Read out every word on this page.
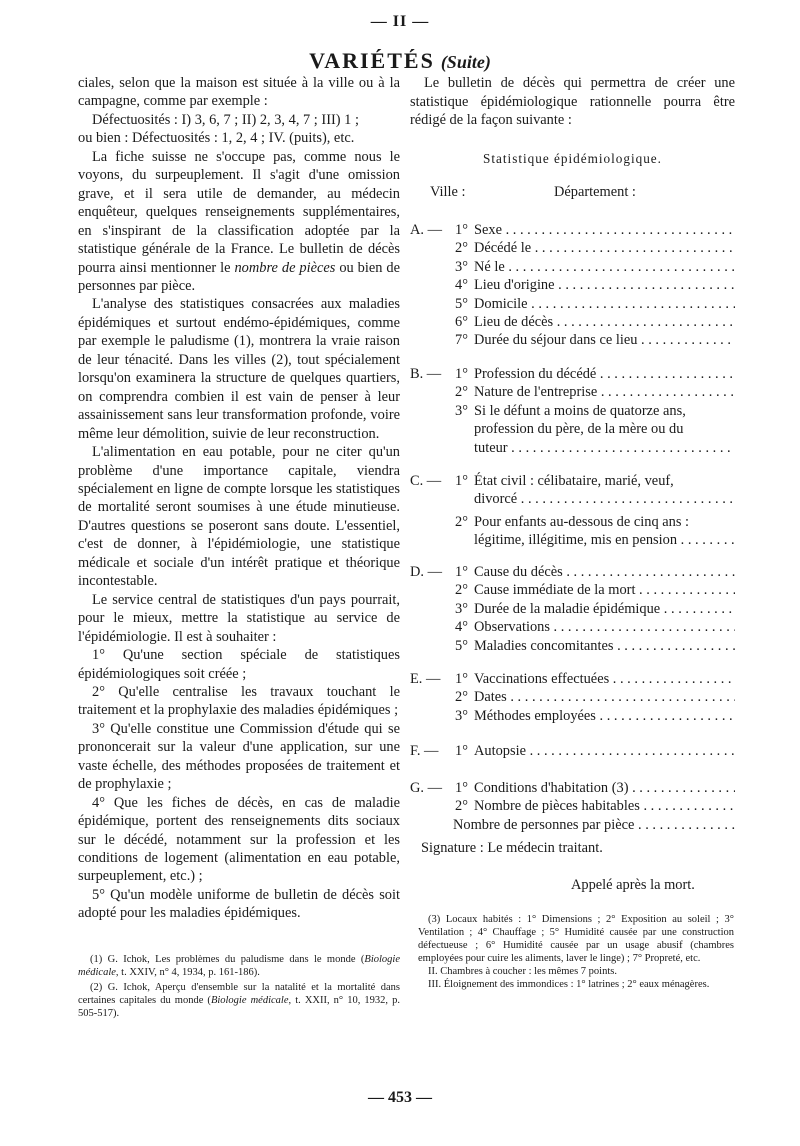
— II —
VARIÉTÉS (Suite)

ciales, selon que la maison est située à la ville ou à la campagne, comme par exemple :

Défectuosités : I) 3, 6, 7 ; II) 2, 3, 4, 7 ; III) 1 ;

ou bien : Défectuosités : 1, 2, 4 ; IV. (puits), etc.

La fiche suisse ne s'occupe pas, comme nous le voyons, du surpeuplement. Il s'agit d'une omission grave, et il sera utile de demander, au médecin enquêteur, quelques renseignements supplémentaires, en s'inspirant de la classification adoptée par la statistique générale de la France. Le bulletin de décès pourra ainsi mentionner le nombre de pièces ou bien de personnes par pièce.

L'analyse des statistiques consacrées aux maladies épidémiques et surtout endémo-épidémiques, comme par exemple le paludisme (1), montrera la vraie raison de leur ténacité. Dans les villes (2), tout spécialement lorsqu'on examinera la structure de quelques quartiers, on comprendra combien il est vain de penser à leur assainissement sans leur transformation profonde, voire même leur démolition, suivie de leur reconstruction.

L'alimentation en eau potable, pour ne citer qu'un problème d'une importance capitale, viendra spécialement en ligne de compte lorsque les statistiques de mortalité seront soumises à une étude minutieuse. D'autres questions se poseront sans doute. L'essentiel, c'est de donner, à l'épidémiologie, une statistique médicale et sociale d'un intérêt pratique et théorique incontestable.

Le service central de statistiques d'un pays pourrait, pour le mieux, mettre la statistique au service de l'épidémiologie. Il est à souhaiter :

1° Qu'une section spéciale de statistiques épidémiologiques soit créée ;

2° Qu'elle centralise les travaux touchant le traitement et la prophylaxie des maladies épidémiques ;

3° Qu'elle constitue une Commission d'étude qui se prononcerait sur la valeur d'une application, sur une vaste échelle, des méthodes proposées de traitement et de prophylaxie ;

4° Que les fiches de décès, en cas de maladie épidémique, portent des renseignements dits sociaux sur le décédé, notamment sur la profession et les conditions de logement (alimentation en eau potable, surpeuplement, etc.) ;

5° Qu'un modèle uniforme de bulletin de décès soit adopté pour les maladies épidémiques.

(1) G. Ichok, Les problèmes du paludisme dans le monde (Biologie médicale, t. XXIV, n° 4, 1934, p. 161-186).

(2) G. Ichok, Aperçu d'ensemble sur la natalité et la mortalité dans certaines capitales du monde (Biologie médicale, t. XXII, n° 10, 1932, p. 505-517).

Le bulletin de décès qui permettra de créer une statistique épidémiologique rationnelle pourra être rédigé de la façon suivante :

Statistique épidémiologique.
Ville :	Département :
A. — 1° Sexe . . .
2° Décédé le . . .
3° Né le . . .
4° Lieu d'origine . . .
5° Domicile . . .
6° Lieu de décès . . .
7° Durée du séjour dans ce lieu . . .
B. — 1° Profession du décédé . . .
2° Nature de l'entreprise . . .
3° Si le défunt a moins de quatorze ans,
profession du père, de la mère ou du
tuteur . . .
C. — 1° État civil : célibataire, marié, veuf,
divorcé . . .
2° Pour enfants au-dessous de cinq ans :
légitime, illégitime, mis en pension . . .
D. — 1° Cause du décès . . .
2° Cause immédiate de la mort . . .
3° Durée de la maladie épidémique . . .
4° Observations . . .
5° Maladies concomitantes . . .
E. — 1° Vaccinations effectuées . . .
2° Dates . . .
3° Méthodes employées . . .
F. — 1° Autopsie . . .
G. — 1° Conditions d'habitation (3) . . .
2° Nombre de pièces habitables . . .
Nombre de personnes par pièce . . .
Signature : Le médecin traitant.
Appelé après la mort.

(3) Locaux habités : 1° Dimensions ; 2° Exposition au soleil ; 3° Ventilation ; 4° Chauffage ; 5° Humidité causée par une construction défectueuse ; 6° Humidité causée par un usage abusif (chambres employées pour cuire les aliments, laver le linge) ; 7° Propreté, etc.

II. Chambres à coucher : les mêmes 7 points.

III. Éloignement des immondices : 1° latrines ; 2° eaux ménagères.

— 453 —
